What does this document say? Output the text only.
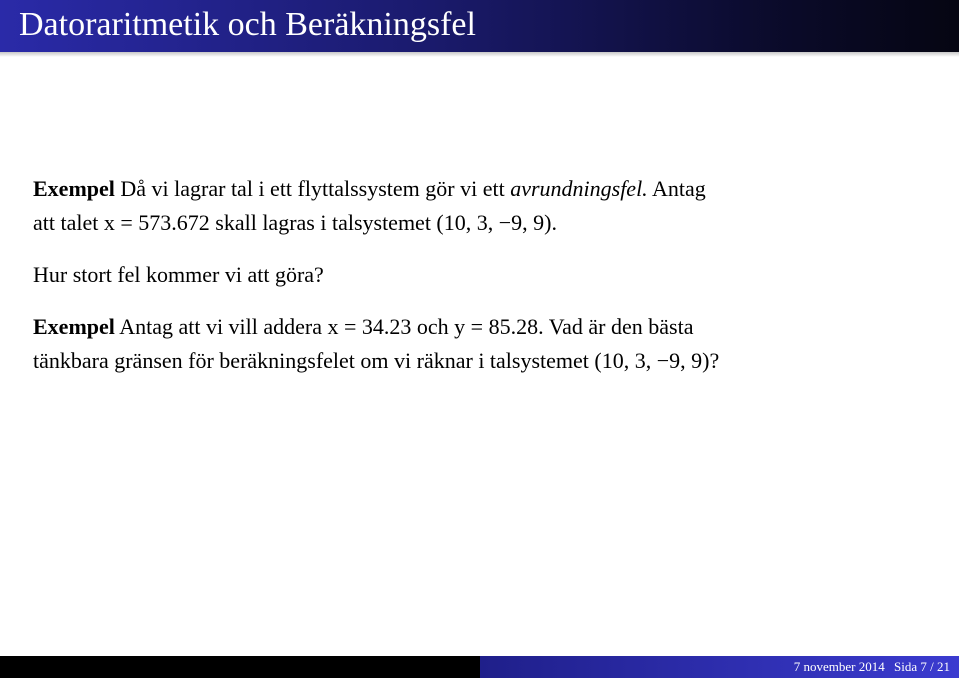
Datoraritmetik och Beräkningsfel

Exempel Då vi lagrar tal i ett flyttalssystem gör vi ett avrundningsfel. Antag
att talet x = 573.672 skall lagras i talsystemet (10, 3, −9, 9).

Hur stort fel kommer vi att göra?

Exempel Antag att vi vill addera x = 34.23 och y = 85.28. Vad är den bästa
tänkbara gränsen för beräkningsfelet om vi räknar i talsystemet (10, 3, −9, 9)?

7 november 2014 Sida 7 / 21
